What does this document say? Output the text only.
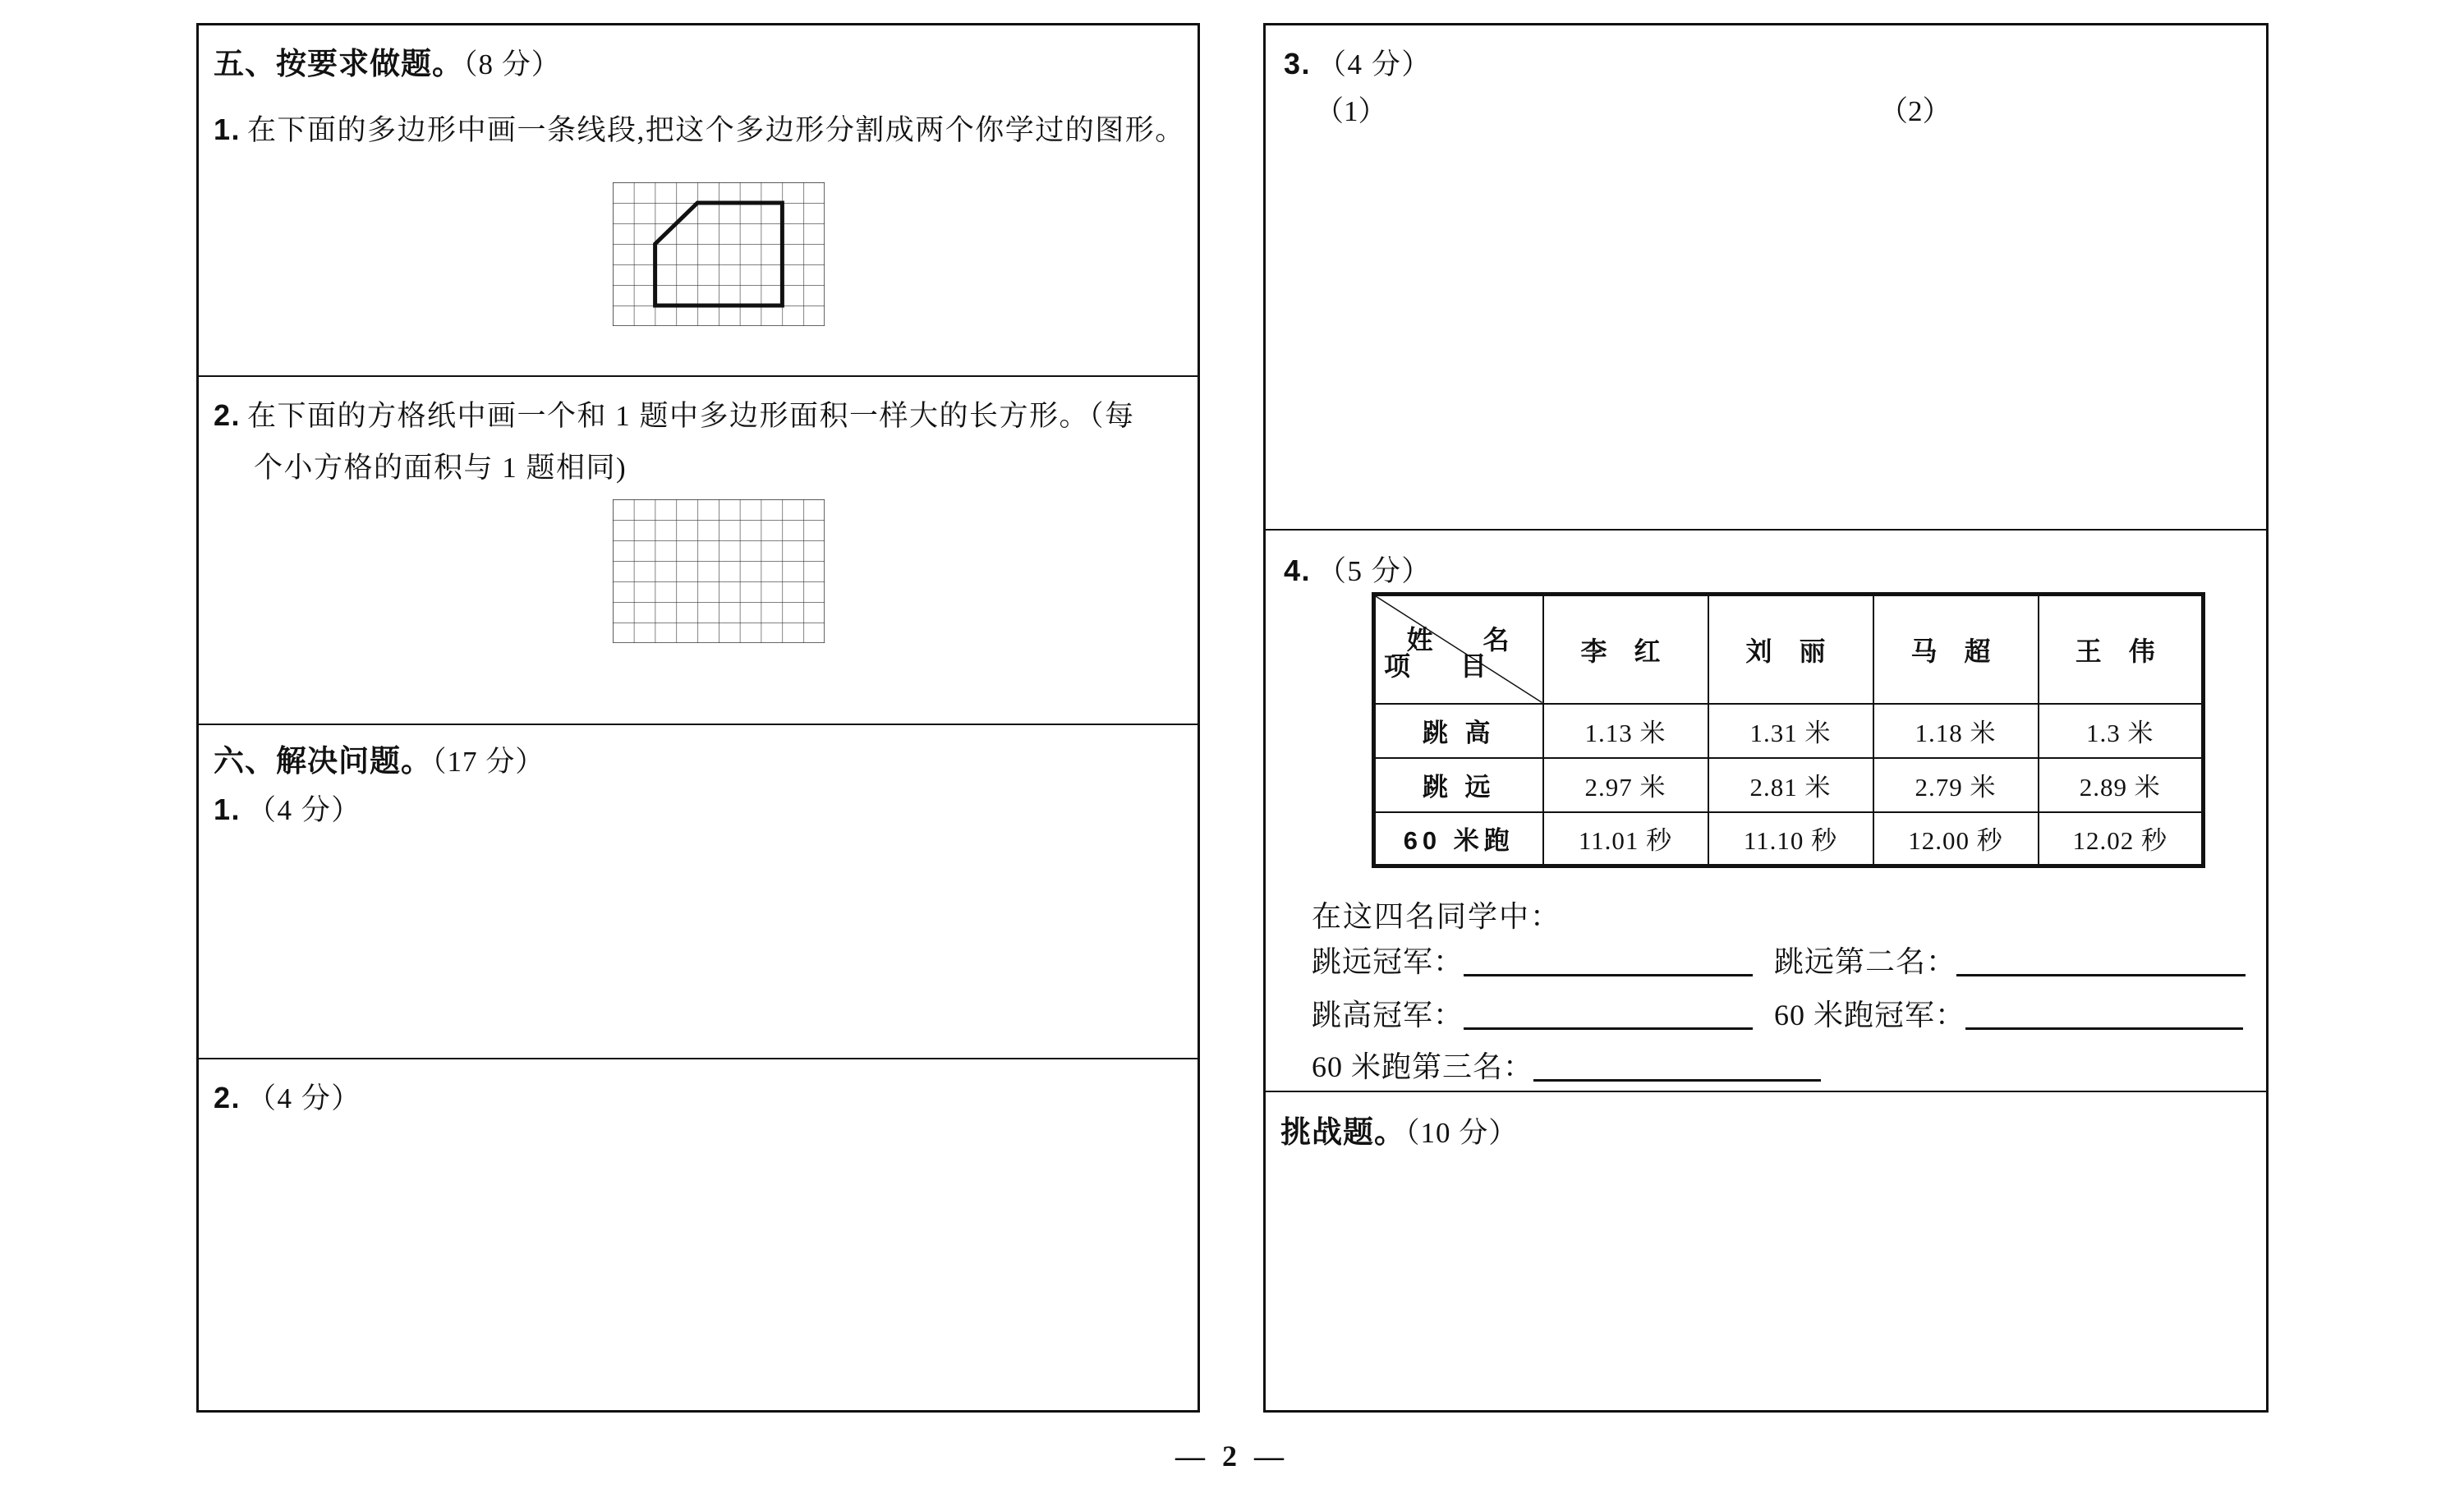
五、按要求做题。（8 分）
1. 在下面的多边形中画一条线段,把这个多边形分割成两个你学过的图形。
2. 在下面的方格纸中画一个和 1 题中多边形面积一样大的长方形。（每
个小方格的面积与 1 题相同)
六、解决问题。（17 分）
1. （4 分）
2. （4 分）
3. （4 分）
（1）	（2）
4. （5 分）
姓 名
项 目	李 红	刘 丽	马 超	王 伟
跳 高	1.13 米	1.31 米	1.18 米	1.3 米
跳 远	2.97 米	2.81 米	2.79 米	2.89 米
60 米跑	11.01 秒	11.10 秒	12.00 秒	12.02 秒
在这四名同学中：
跳远冠军：	跳远第二名：
跳高冠军：	60 米跑冠军：
60 米跑第三名：
挑战题。（10 分）
— 2 —
